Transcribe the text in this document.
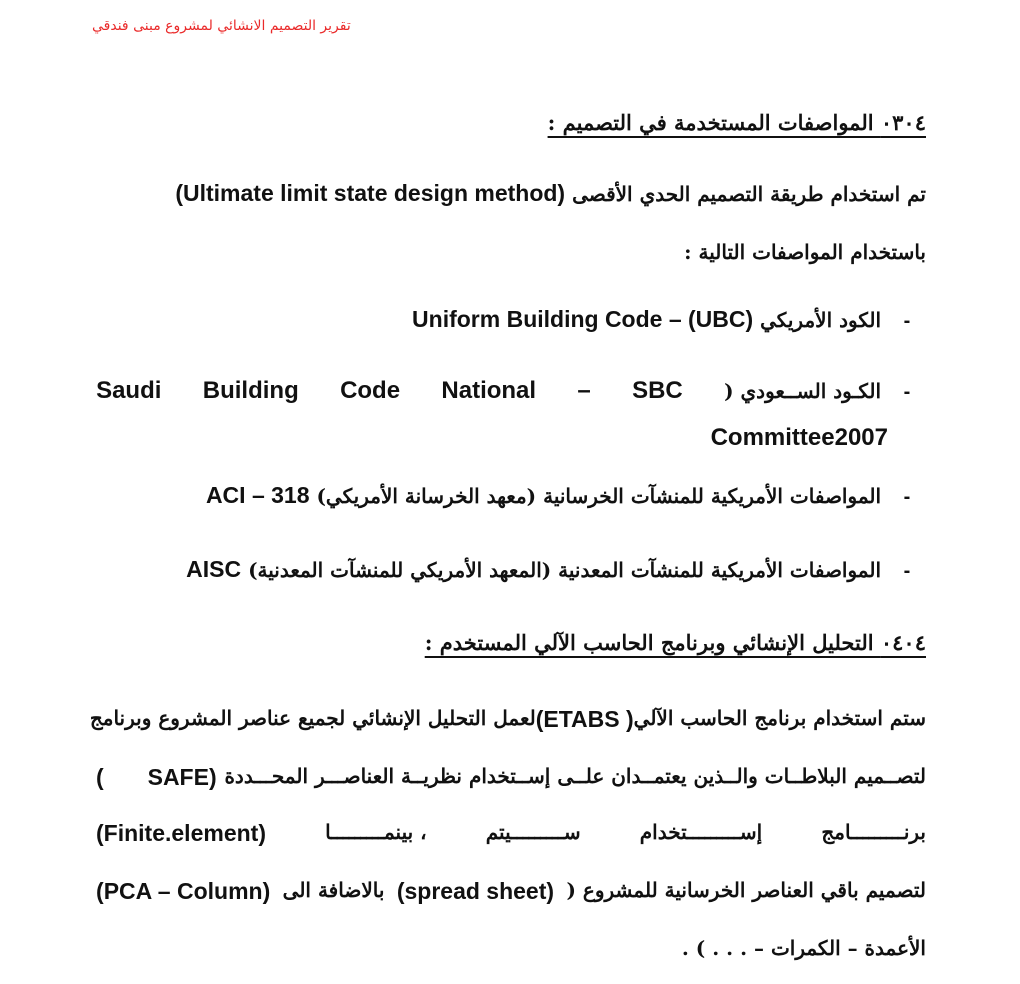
تقرير التصميم الانشائي لمشروع مبنى فندقي
٠٣٠٤ المواصفات المستخدمة في التصميم :
تم استخدام طريقة التصميم الحدي الأقصى (Ultimate limit state design method)
باستخدام المواصفات التالية :
- الكود الأمريكي Uniform Building Code – (UBC)
- الكـود الســعودي (
SBC
–
National
Code
Building
Saudi
Committee2007
- المواصفات الأمريكية للمنشآت الخرسانية (معهد الخرسانة الأمريكي) ACI – 318
- المواصفات الأمريكية للمنشآت المعدنية (المعهد الأمريكي للمنشآت المعدنية) AISC
٠٤٠٤ التحليل الإنشائي وبرنامج الحاسب الآلي المستخدم :
ستم استخدام برنامج الحاسب الآلي
(ETABS )
لعمل التحليل الإنشائي لجميع عناصر المشروع وبرنامج
لتصــميم البلاطــات والــذين يعتمــدان علــى إســتخدام نظريــة العناصـــر المحـــددة
SAFE)  (
برنـــــــــامج
إســـــــــتخدام
ســـــــــيتم
، بينمـــــــــا
(Finite.element)
لتصميم باقي العناصر الخرسانية للمشروع (
(spread sheet)
بالاضافة الى
(PCA – Column)
الأعمدة – الكمرات – . . . ) .
